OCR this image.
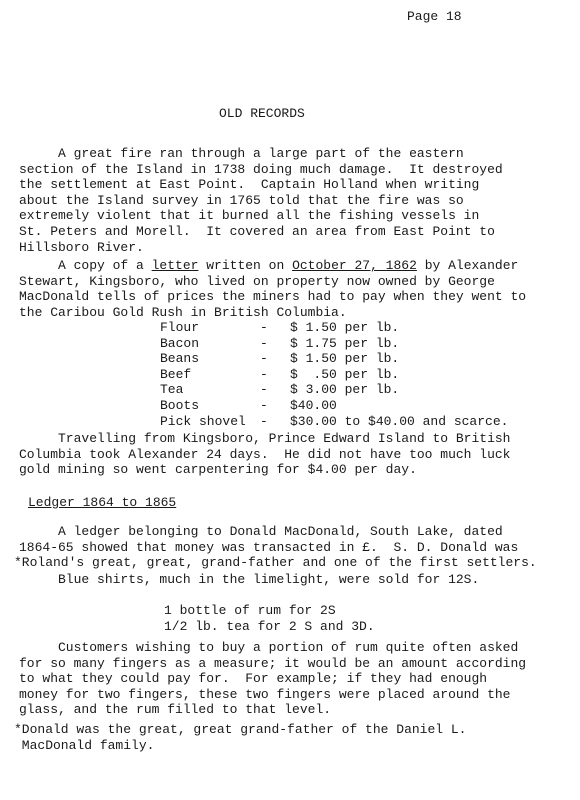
Page 18
OLD RECORDS
A great fire ran through a large part of the eastern
section of the Island in 1738 doing much damage.  It destroyed
the settlement at East Point.  Captain Holland when writing
about the Island survey in 1765 told that the fire was so
extremely violent that it burned all the fishing vessels in
St. Peters and Morell.  It covered an area from East Point to
Hillsboro River.
A copy of a letter written on October 27, 1862 by Alexander
Stewart, Kingsboro, who lived on property now owned by George
MacDonald tells of prices the miners had to pay when they went to
the Caribou Gold Rush in British Columbia.
Flour	-	$ 1.50 per lb.
Bacon	-	$ 1.75 per lb.
Beans	-	$ 1.50 per lb.
Beef	-	$  .50 per lb.
Tea	-	$ 3.00 per lb.
Boots	-	$40.00
Pick shovel	-	$30.00 to $40.00 and scarce.
Travelling from Kingsboro, Prince Edward Island to British
Columbia took Alexander 24 days.  He did not have too much luck
gold mining so went carpentering for $4.00 per day.
Ledger 1864 to 1865
A ledger belonging to Donald MacDonald, South Lake, dated
1864-65 showed that money was transacted in £.  S. D. Donald was
*Roland's great, great, grand-father and one of the first settlers.
Blue shirts, much in the limelight, were sold for 12S.
1 bottle of rum for 2S
1/2 lb. tea for 2 S and 3D.
Customers wishing to buy a portion of rum quite often asked
for so many fingers as a measure; it would be an amount according
to what they could pay for.  For example; if they had enough
money for two fingers, these two fingers were placed around the
glass, and the rum filled to that level.
*Donald was the great, great grand-father of the Daniel L.
MacDonald family.
